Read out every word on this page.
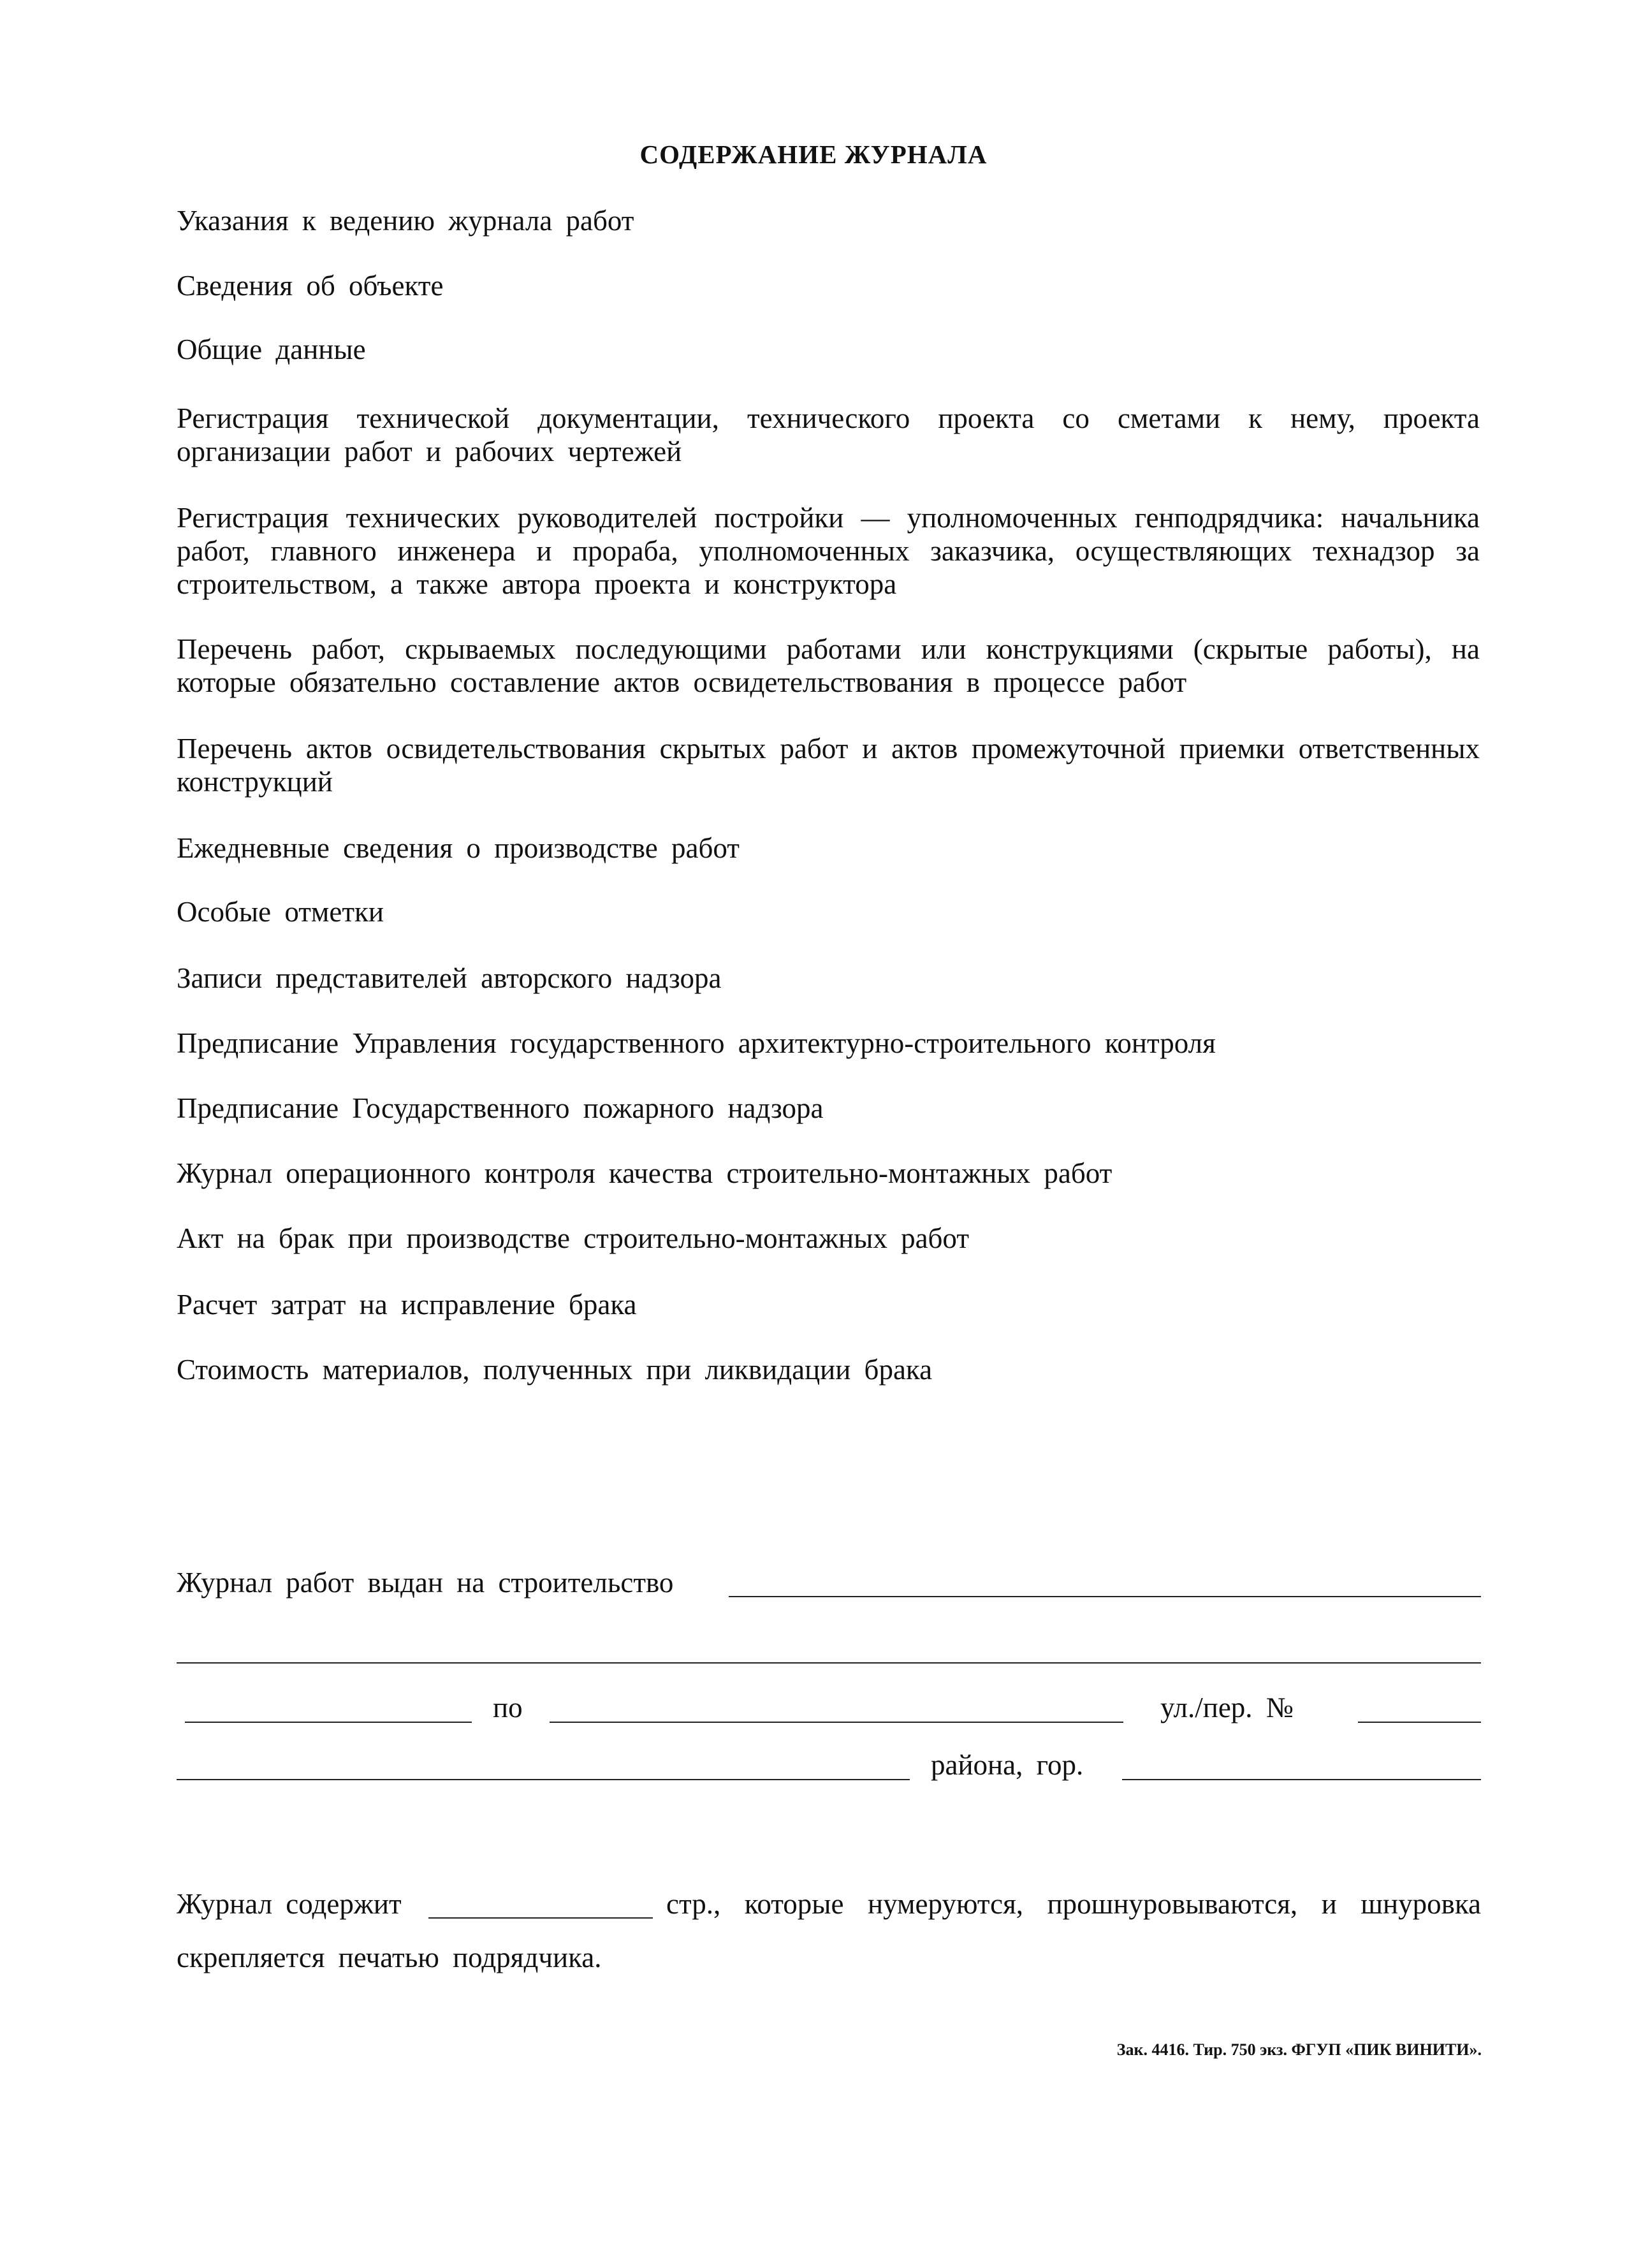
СОДЕРЖАНИЕ ЖУРНАЛА
Указания к ведению журнала работ
Сведения об объекте
Общие данные
Регистрация технической документации, технического проекта со сметами к нему, проекта организации работ и рабочих чертежей
Регистрация технических руководителей постройки — уполномоченных генподрядчика: начальника работ, главного инженера и прораба, уполномоченных заказчика, осуществляющих технадзор за строительством, а также автора проекта и конструктора
Перечень работ, скрываемых последующими работами или конструкциями (скрытые работы), на которые обязательно составление актов освидетельствования в процессе работ
Перечень актов освидетельствования скрытых работ и актов промежуточной приемки ответственных конструкций
Ежедневные сведения о производстве работ
Особые отметки
Записи представителей авторского надзора
Предписание Управления государственного архитектурно-строительного контроля
Предписание Государственного пожарного надзора
Журнал операционного контроля качества строительно-монтажных работ
Акт на брак при производстве строительно-монтажных работ
Расчет затрат на исправление брака
Стоимость материалов, полученных при ликвидации брака
Журнал работ выдан на строительство
по	ул./пер. №
района, гор.
Журнал содержит	стр., которые нумеруются, прошнуровываются, и шнуровка
скрепляется печатью подрядчика.
Зак. 4416. Тир. 750 экз. ФГУП «ПИК ВИНИТИ».
